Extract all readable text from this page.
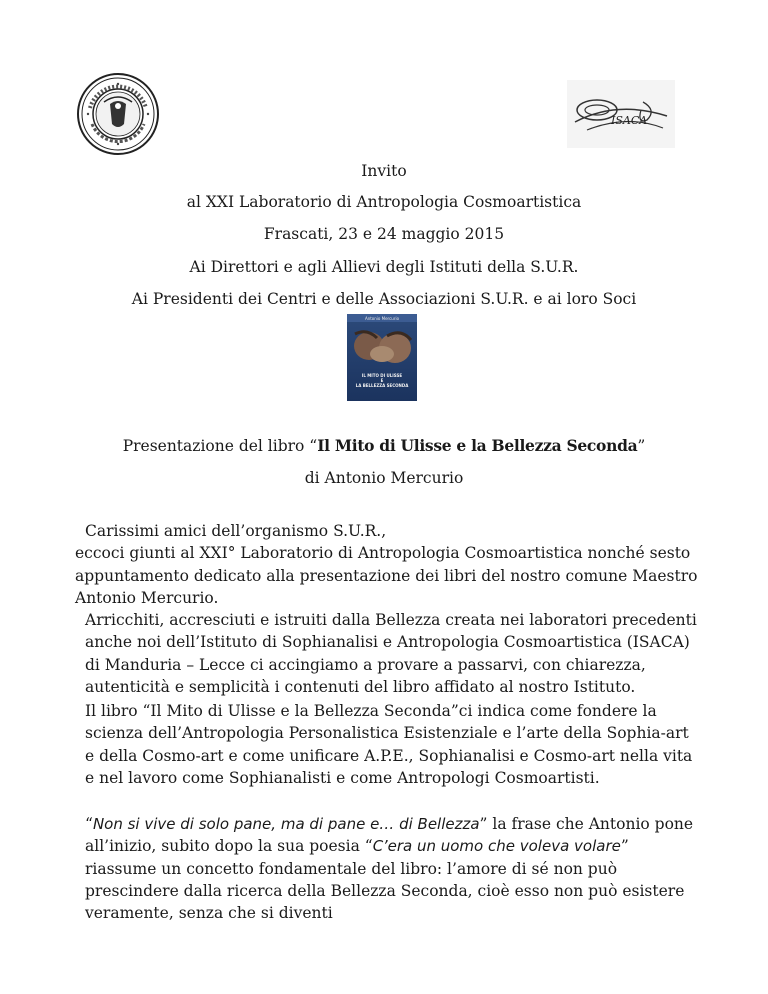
ISACA
Invito
al XXI Laboratorio di Antropologia Cosmoartistica
Frascati, 23 e 24 maggio 2015
Ai Direttori e agli Allievi degli Istituti della S.U.R.
Ai Presidenti dei Centri e delle Associazioni S.U.R. e ai loro Soci
Antonio Mercurio
IL MITO DI ULISSE
E
LA BELLEZZA SECONDA
Presentazione del libro “Il Mito di Ulisse e la Bellezza Seconda”
di Antonio Mercurio

Carissimi amici dell’organismo S.U.R.,

eccoci giunti al XXI° Laboratorio di Antropologia Cosmoartistica nonché sesto appuntamento dedicato alla presentazione dei libri del nostro comune Maestro Antonio Mercurio.

Arricchiti, accresciuti e istruiti dalla Bellezza creata nei laboratori precedenti anche noi dell’Istituto di Sophianalisi e Antropologia Cosmoartistica (ISACA) di Manduria – Lecce ci accingiamo a provare a passarvi, con chiarezza, autenticità e semplicità i contenuti del libro affidato al nostro Istituto.

Il libro “Il Mito di Ulisse e la Bellezza Seconda”ci indica come fondere la scienza dell’Antropologia Personalistica Esistenziale e l’arte della Sophia-art e della Cosmo-art e come unificare A.P.E., Sophianalisi e Cosmo-art nella vita e nel lavoro come Sophianalisti e come Antropologi Cosmoartisti.

“Non si vive di solo pane, ma di pane e… di Bellezza” la frase che Antonio pone all’inizio, subito dopo la sua poesia “C’era un uomo che voleva volare” riassume un concetto fondamentale del libro: l’amore di sé non può prescindere dalla ricerca della Bellezza Seconda, cioè esso non può esistere veramente, senza che si diventi
